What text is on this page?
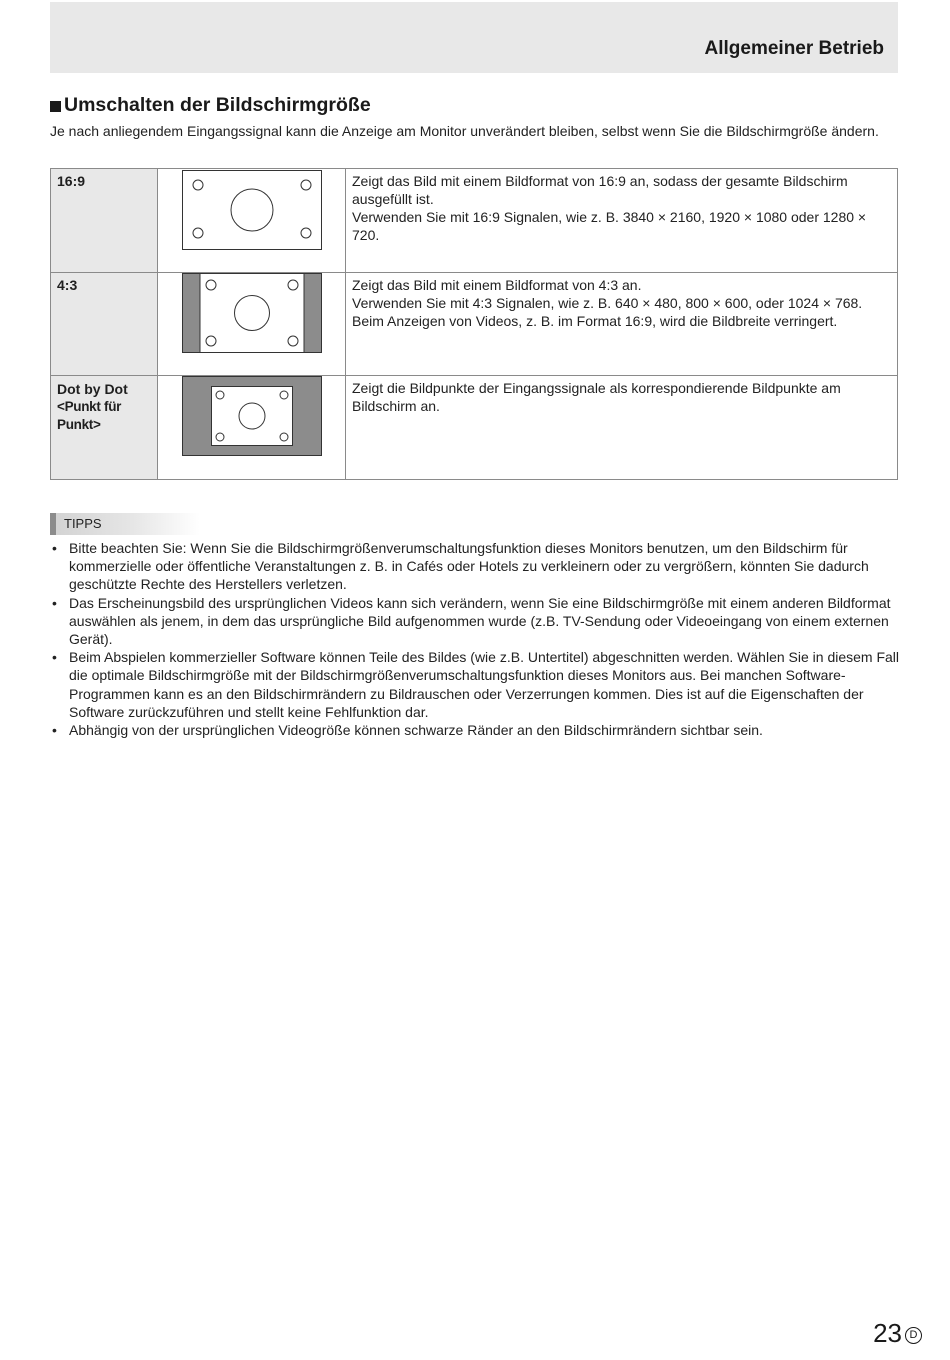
Allgemeiner Betrieb
Umschalten der Bildschirmgröße
Je nach anliegendem Eingangssignal kann die Anzeige am Monitor unverändert bleiben, selbst wenn Sie die Bildschirmgröße ändern.
16:9		Zeigt das Bild mit einem Bildformat von 16:9 an, sodass der gesamte Bildschirm ausgefüllt ist.
Verwenden Sie mit 16:9 Signalen, wie z. B. 3840 × 2160, 1920 × 1080 oder 1280 × 720.

4:3		Zeigt das Bild mit einem Bildformat von 4:3 an.
Verwenden Sie mit 4:3 Signalen, wie z. B. 640 × 480, 800 × 600, oder 1024 × 768.
Beim Anzeigen von Videos, z. B. im Format 16:9, wird die Bildbreite verringert.

Dot by Dot
<Punkt für Punkt>		Zeigt die Bildpunkte der Eingangssignale als korrespondierende Bildpunkte am Bildschirm an.
TIPPS
• Bitte beachten Sie: Wenn Sie die Bildschirmgrößenverumschaltungsfunktion dieses Monitors benutzen, um den Bildschirm für kommerzielle oder öffentliche Veranstaltungen z. B. in Cafés oder Hotels zu verkleinern oder zu vergrößern, könnten Sie dadurch geschützte Rechte des Herstellers verletzen.
• Das Erscheinungsbild des ursprünglichen Videos kann sich verändern, wenn Sie eine Bildschirmgröße mit einem anderen Bildformat auswählen als jenem, in dem das ursprüngliche Bild aufgenommen wurde (z.B. TV-Sendung oder Videoeingang von einem externen Gerät).
• Beim Abspielen kommerzieller Software können Teile des Bildes (wie z.B. Untertitel) abgeschnitten werden. Wählen Sie in diesem Fall die optimale Bildschirmgröße mit der Bildschirmgrößenverumschaltungsfunktion dieses Monitors aus. Bei manchen Software-Programmen kann es an den Bildschirmrändern zu Bildrauschen oder Verzerrungen kommen. Dies ist auf die Eigenschaften der Software zurückzuführen und stellt keine Fehlfunktion dar.
• Abhängig von der ursprünglichen Videogröße können schwarze Ränder an den Bildschirmrändern sichtbar sein.
23 D
